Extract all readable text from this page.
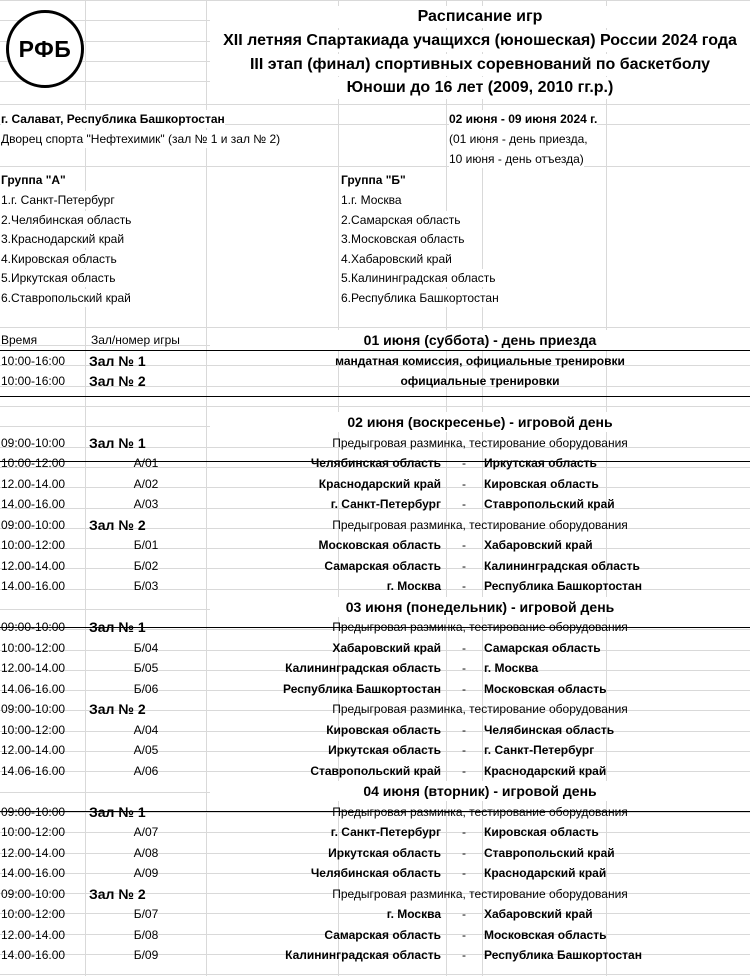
РФБ
Расписание игр
XII летняя Спартакиада учащихся (юношеская) России 2024 года
III этап (финал) спортивных соревнований по баскетболу
Юноши до 16 лет (2009, 2010 гг.р.)
г. Салават, Республика Башкортостан
Дворец спорта "Нефтехимик" (зал № 1 и зал № 2)
02 июня - 09 июня 2024 г.
(01 июня - день приезда,
10 июня - день отъезда)
Группа "А"	Группа "Б"
1.г. Санкт-Петербург
2.Челябинская область
3.Краснодарский край
4.Кировская область
5.Иркутская область
6.Ставропольский край
1.г. Москва
2.Самарская область
3.Московская область
4.Хабаровский край
5.Калининградская область
6.Республика Башкортостан
Время	Зал/номер игры	01 июня (суббота) - день приезда
10:00-16:00	Зал № 1	мандатная комиссия, официальные тренировки
10:00-16:00	Зал № 2	официальные тренировки
02 июня (воскресенье) - игровой день
09:00-10:00	Зал № 1	Предыгровая разминка, тестирование оборудования
10:00-12:00	А/01	Челябинская область	-	Иркутская область
12.00-14.00	А/02	Краснодарский край	-	Кировская область
14.00-16.00	А/03	г. Санкт-Петербург	-	Ставропольский край
09:00-10:00	Зал № 2	Предыгровая разминка, тестирование оборудования
10:00-12:00	Б/01	Московская область	-	Хабаровский край
12.00-14.00	Б/02	Самарская область	-	Калининградская область
14.00-16.00	Б/03	г. Москва	-	Республика Башкортостан
03 июня (понедельник) - игровой день
09:00-10:00	Зал № 1	Предыгровая разминка, тестирование оборудования
10:00-12:00	Б/04	Хабаровский край	-	Самарская область
12.00-14.00	Б/05	Калининградская область	-	г. Москва
14.06-16.00	Б/06	Республика Башкортостан	-	Московская область
09:00-10:00	Зал № 2	Предыгровая разминка, тестирование оборудования
10:00-12:00	А/04	Кировская область	-	Челябинская область
12.00-14.00	А/05	Иркутская область	-	г. Санкт-Петербург
14.06-16.00	А/06	Ставропольский край	-	Краснодарский край
04 июня (вторник) - игровой день
09:00-10:00	Зал № 1	Предыгровая разминка, тестирование оборудования
10:00-12:00	А/07	г. Санкт-Петербург	-	Кировская область
12.00-14.00	А/08	Иркутская область	-	Ставропольский край
14.00-16.00	А/09	Челябинская область	-	Краснодарский край
09:00-10:00	Зал № 2	Предыгровая разминка, тестирование оборудования
10:00-12:00	Б/07	г. Москва	-	Хабаровский край
12.00-14.00	Б/08	Самарская область	-	Московская область
14.00-16.00	Б/09	Калининградская область	-	Республика Башкортостан
